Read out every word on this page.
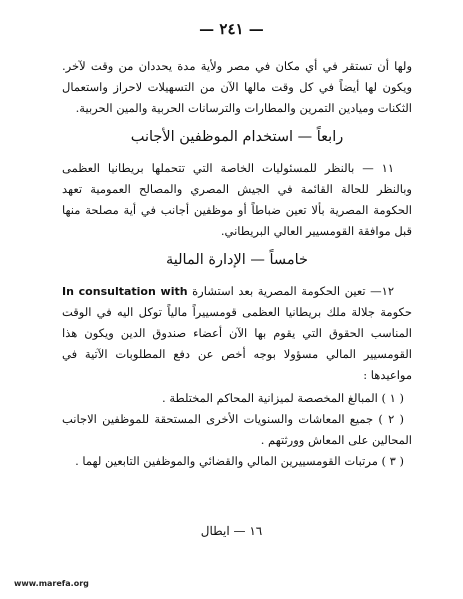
— ٢٤١ —

ولها أن تستقر في أي مكان في مصر ولأية مدة يحددان من وقت لآخر. ويكون لها أيضاً في كل وقت مالها الآن من التسهيلات لاحراز واستعمال الثكنات وميادين التمرين والمطارات والترسانات الحربية والمين الحربية.

رابعاً — استخدام الموظفين الأجانب

١١ — بالنظر للمسئوليات الخاصة التي تتحملها بريطانيا العظمى وبالنظر للحالة القائمة في الجيش المصري والمصالح العمومية تعهد الحكومة المصرية بألا تعين ضباطاً أو موظفين أجانب في أية مصلحة منها قبل موافقة القومسيير العالي البريطاني.

خامساً — الإدارة المالية

١٢— تعين الحكومة المصرية بعد استشارة In consultation with حكومة جلالة ملك بريطانيا العظمى قومسييراً مالياً توكل اليه في الوقت المناسب الحقوق التي يقوم بها الآن أعضاء صندوق الدين ويكون هذا القومسيير المالي مسؤولا بوجه أخص عن دفع المطلوبات الآتية في مواعيدها :

( ١ ) المبالغ المخصصة لميزانية المحاكم المختلطة .

( ٢ ) جميع المعاشات والسنويات الأخرى المستحقة للموظفين الاجانب المحالين على المعاش وورثتهم .

( ٣ ) مرتبات القومسييرين المالي والقضائي والموظفين التابعين لهما .

١٦ — ايطال
www.marefa.org
